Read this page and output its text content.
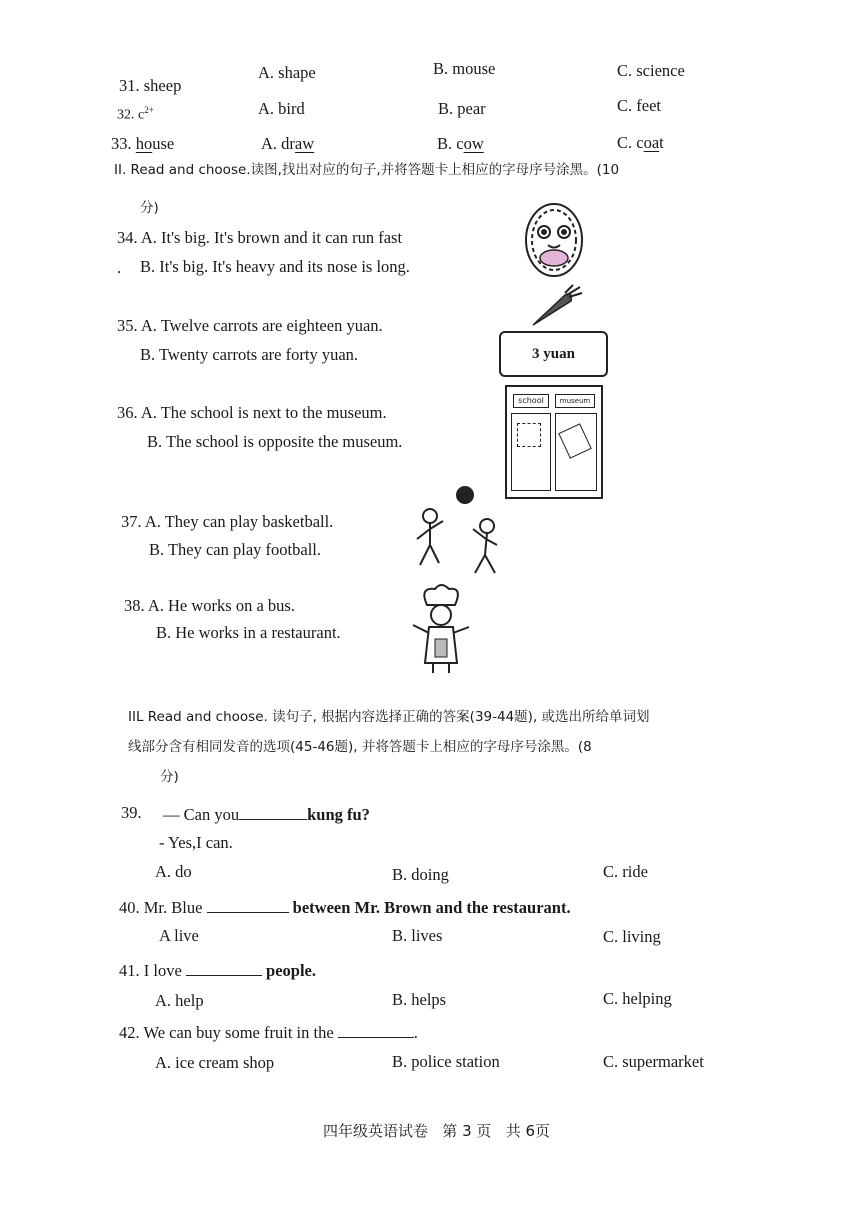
31. sheep
A. shape	B. mouse	C. science
32. $c^{2+}$	A. bird	B. pear	C. feet
33. house	A. draw	B. cow	C. coat
II. Read and choose.读图,找出对应的句子,并将答题卡上相应的字母序号涂黑。(10
分)
34. A. It's big. It's brown and it can run fast
. B. It's big. It's heavy and its nose is long.
35. A. Twelve carrots are eighteen yuan.
B. Twenty carrots are forty yuan.	3 yuan
36. A. The school is next to the museum.
B. The school is opposite the museum.
school	museum
37. A. They can play basketball.
B. They can play football.
38. A. He works on a bus.
B. He works in a restaurant.
IIL Read and choose. 读句子, 根据内容选择正确的答案(39-44题), 或选出所给单词划
线部分含有相同发音的选项(45-46题), 并将答题卡上相应的字母序号涂黑。(8
分)
39. — Can you	kung fu?
- Yes,I can.
A. do	B. doing	C. ride
40. Mr. Blue	between Mr. Brown and the restaurant.
A live	B. lives	C. living
41. I love	people.
A. help	B. helps	C. helping
42. We can buy some fruit in the	.
A. ice cream shop	B. police station	C. supermarket
四年级英语试卷   第 3 页   共 6页
